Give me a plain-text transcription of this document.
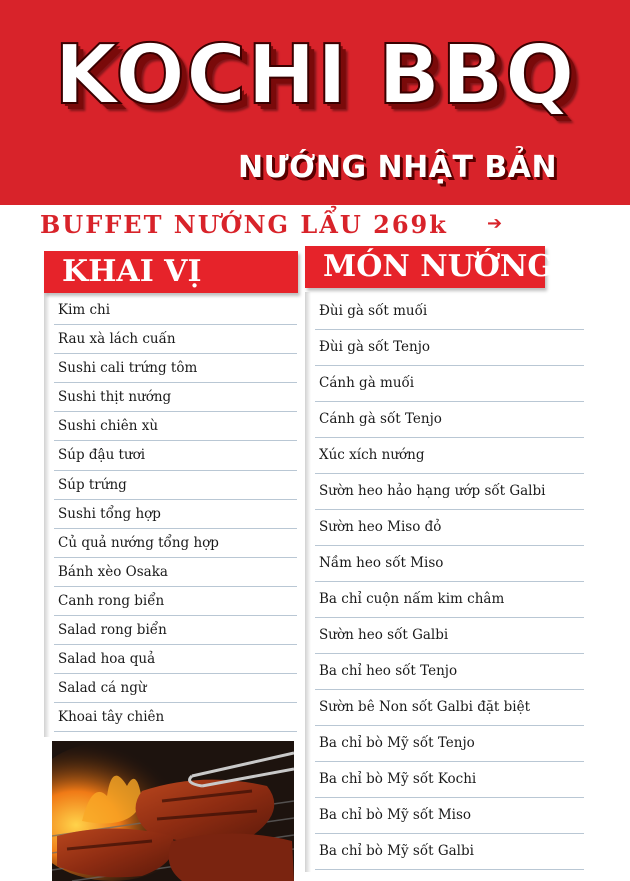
KOCHI BBQ
NƯỚNG NHẬT BẢN
BUFFET NƯỚNG LẨU 269k ➔
KHAI VỊ	MÓN NƯỚNG
Kim chi
Rau xà lách cuấn
Sushi cali trứng tôm
Sushi thịt nướng
Sushi chiên xù
Súp đậu tươi
Súp trứng
Sushi tổng hợp
Củ quả nướng tổng hợp
Bánh xèo Osaka
Canh rong biển
Salad rong biển
Salad hoa quả
Salad cá ngừ
Khoai tây chiên
Đùi gà sốt muối
Đùi gà sốt Tenjo
Cánh gà muối
Cánh gà sốt Tenjo
Xúc xích nướng
Sườn heo hảo hạng ướp sốt Galbi
Sườn heo Miso đỏ
Nầm heo sốt Miso
Ba chỉ cuộn nấm kim châm
Sườn heo sốt Galbi
Ba chỉ heo sốt Tenjo
Sườn bê Non sốt Galbi đặt biệt
Ba chỉ bò Mỹ sốt Tenjo
Ba chỉ bò Mỹ sốt Kochi
Ba chỉ bò Mỹ sốt Miso
Ba chỉ bò Mỹ sốt Galbi
